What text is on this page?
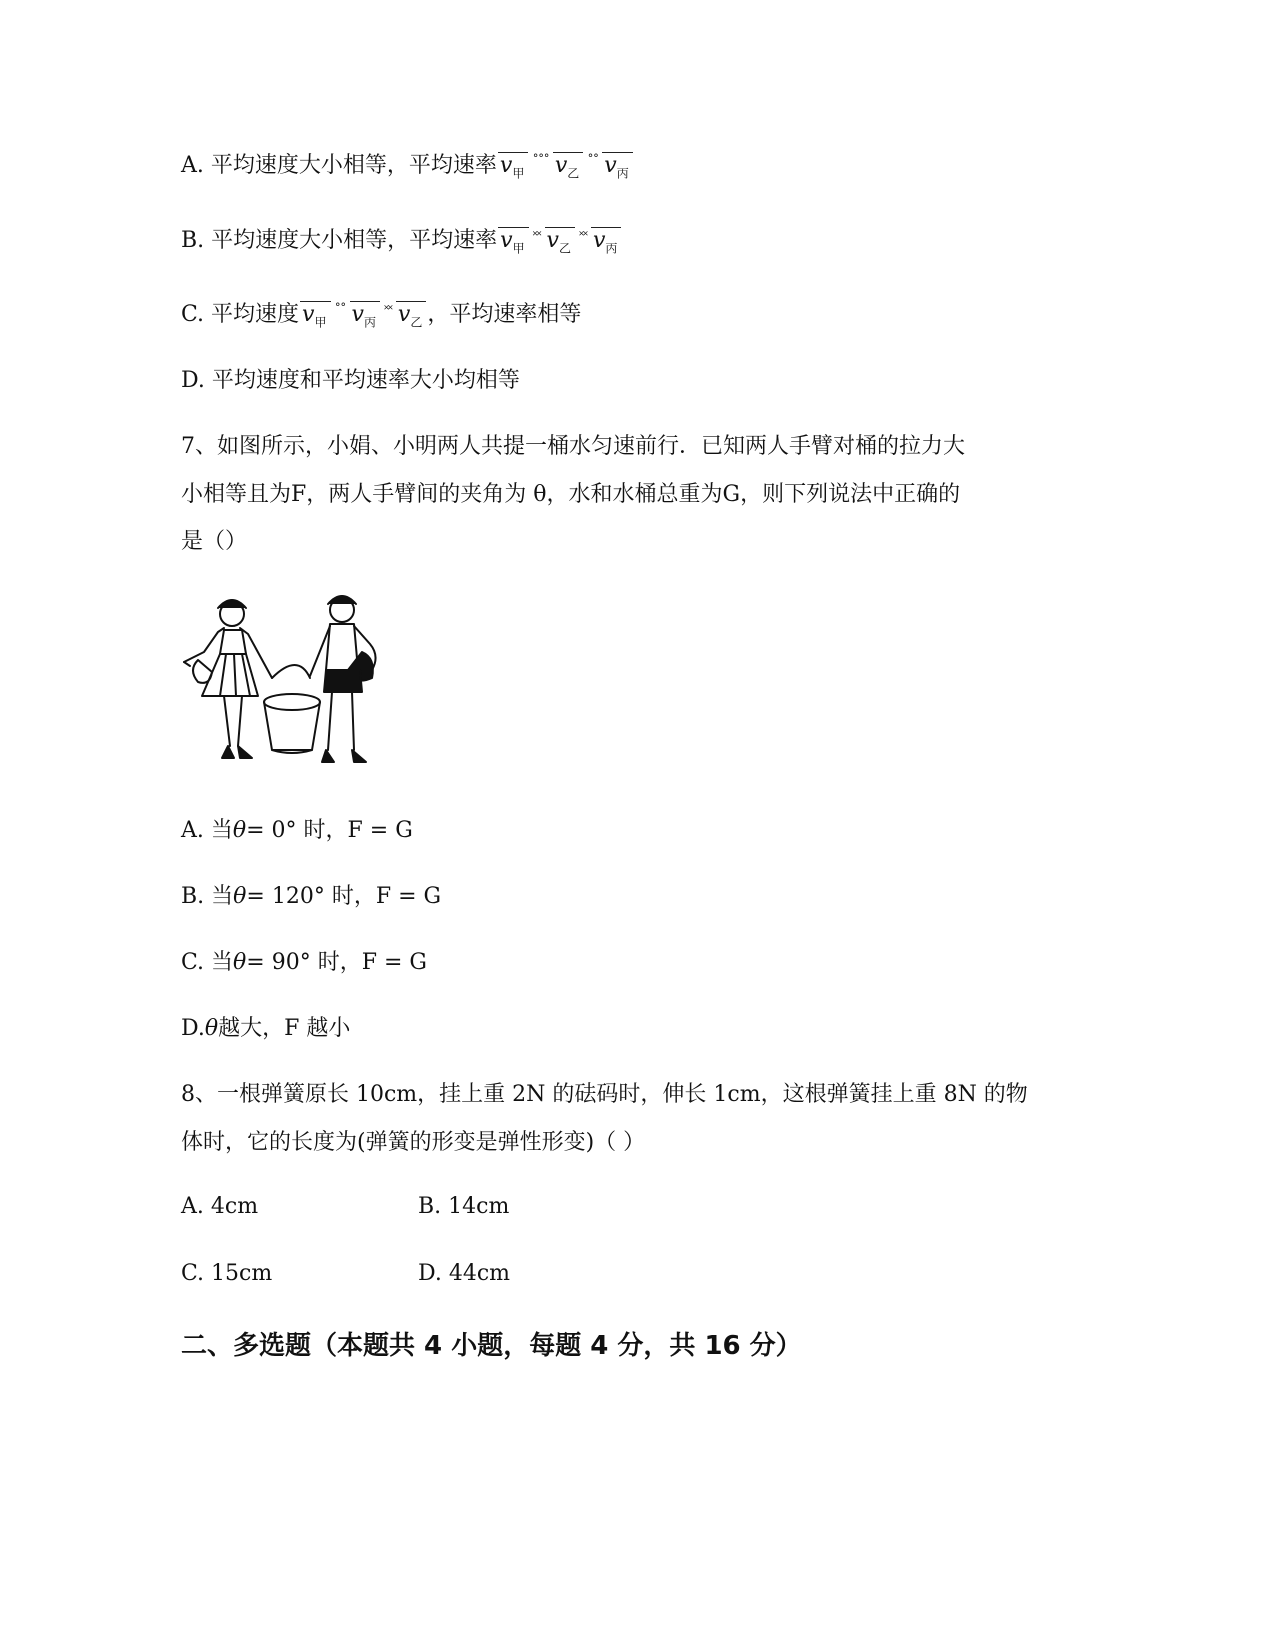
A. 平均速度大小相等，平均速率 $v_甲^{˚˚˚}$ $v_乙^{˚˚}$ $v_丙$
B. 平均速度大小相等，平均速率 $v_甲^{˟˟}$ $v_乙^{˟˟}$ $v_丙$
C. 平均速度 $v_甲^{˚˚}$ $v_丙^{˟˟}$ $v_乙$ ，平均速率相等
D. 平均速度和平均速率大小均相等
7、如图所示，小娟、小明两人共提一桶水匀速前行．已知两人手臂对桶的拉力大
小相等且为F，两人手臂间的夹角为 θ，水和水桶总重为G，则下列说法中正确的
是（）
A. 当 θ = 0° 时，F = G
B. 当 θ = 120° 时，F = G
C. 当 θ = 90° 时，F = G
D. θ 越大，F 越小
8、一根弹簧原长 10cm，挂上重 2N 的砝码时，伸长 1cm，这根弹簧挂上重 8N 的物
体时，它的长度为(弹簧的形变是弹性形变)（ ）
A. 4cm	B. 14cm
C. 15cm	D. 44cm
二、多选题（本题共 4 小题，每题 4 分，共 16 分）
